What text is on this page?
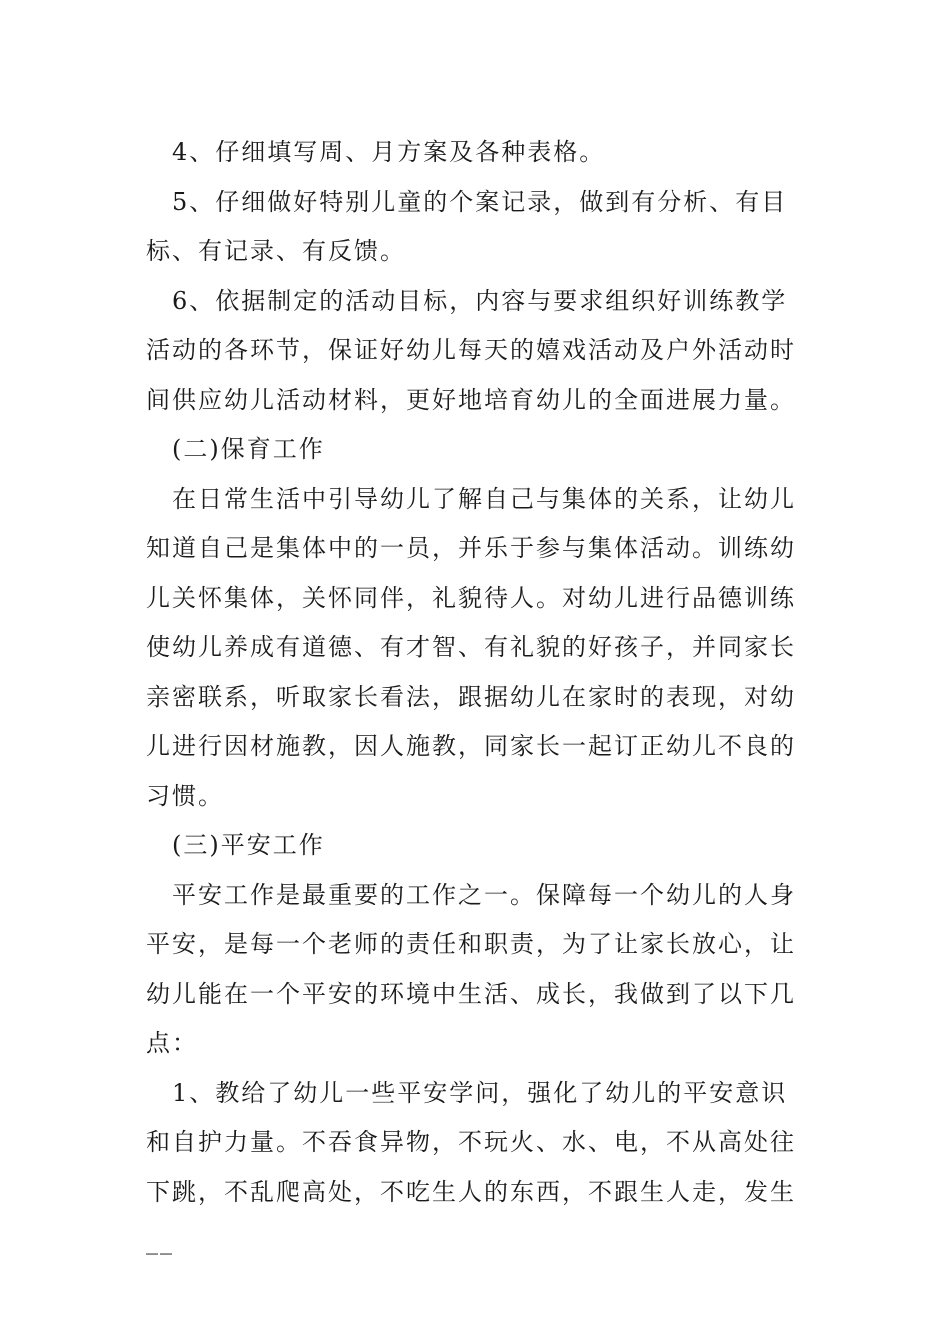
4、仔细填写周、月方案及各种表格。

5、仔细做好特别儿童的个案记录，做到有分析、有目标、有记录、有反馈。

6、依据制定的活动目标，内容与要求组织好训练教学活动的各环节，保证好幼儿每天的嬉戏活动及户外活动时间供应幼儿活动材料，更好地培育幼儿的全面进展力量。

(二)保育工作

在日常生活中引导幼儿了解自己与集体的关系，让幼儿知道自己是集体中的一员，并乐于参与集体活动。训练幼儿关怀集体，关怀同伴，礼貌待人。对幼儿进行品德训练使幼儿养成有道德、有才智、有礼貌的好孩子，并同家长亲密联系，听取家长看法，跟据幼儿在家时的表现，对幼儿进行因材施教，因人施教，同家长一起订正幼儿不良的习惯。

(三)平安工作

平安工作是最重要的工作之一。保障每一个幼儿的人身平安，是每一个老师的责任和职责，为了让家长放心，让幼儿能在一个平安的环境中生活、成长，我做到了以下几点：

1、教给了幼儿一些平安学问，强化了幼儿的平安意识和自护力量。不吞食异物，不玩火、水、电，不从高处往下跳，不乱爬高处，不吃生人的东西，不跟生人走，发生__
